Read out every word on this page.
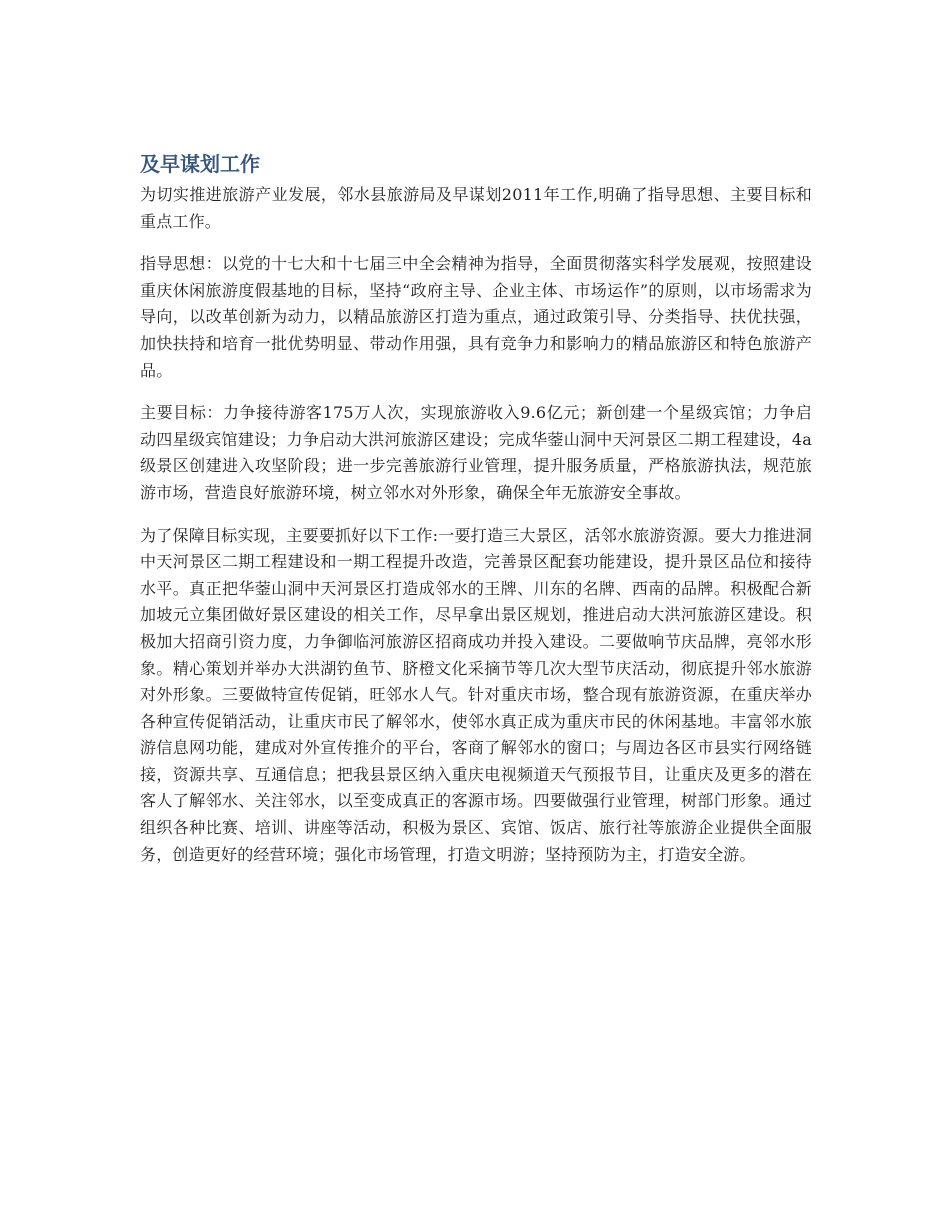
及早谋划工作

为切实推进旅游产业发展，邻水县旅游局及早谋划2011年工作,明确了指导思想、主要目标和重点工作。

指导思想：以党的十七大和十七届三中全会精神为指导，全面贯彻落实科学发展观，按照建设重庆休闲旅游度假基地的目标，坚持“政府主导、企业主体、市场运作”的原则，以市场需求为导向，以改革创新为动力，以精品旅游区打造为重点，通过政策引导、分类指导、扶优扶强，加快扶持和培育一批优势明显、带动作用强，具有竞争力和影响力的精品旅游区和特色旅游产品。

主要目标：力争接待游客175万人次，实现旅游收入9.6亿元；新创建一个星级宾馆；力争启动四星级宾馆建设；力争启动大洪河旅游区建设；完成华蓥山洞中天河景区二期工程建设，4a级景区创建进入攻坚阶段；进一步完善旅游行业管理，提升服务质量，严格旅游执法，规范旅游市场，营造良好旅游环境，树立邻水对外形象，确保全年无旅游安全事故。

为了保障目标实现，主要要抓好以下工作:一要打造三大景区，活邻水旅游资源。要大力推进洞中天河景区二期工程建设和一期工程提升改造，完善景区配套功能建设，提升景区品位和接待水平。真正把华蓥山洞中天河景区打造成邻水的王牌、川东的名牌、西南的品牌。积极配合新加坡元立集团做好景区建设的相关工作，尽早拿出景区规划，推进启动大洪河旅游区建设。积极加大招商引资力度，力争御临河旅游区招商成功并投入建设。二要做响节庆品牌，亮邻水形象。精心策划并举办大洪湖钓鱼节、脐橙文化采摘节等几次大型节庆活动，彻底提升邻水旅游对外形象。三要做特宣传促销，旺邻水人气。针对重庆市场，整合现有旅游资源，在重庆举办各种宣传促销活动，让重庆市民了解邻水，使邻水真正成为重庆市民的休闲基地。丰富邻水旅游信息网功能，建成对外宣传推介的平台，客商了解邻水的窗口；与周边各区市县实行网络链接，资源共享、互通信息；把我县景区纳入重庆电视频道天气预报节目，让重庆及更多的潜在客人了解邻水、关注邻水，以至变成真正的客源市场。四要做强行业管理，树部门形象。通过组织各种比赛、培训、讲座等活动，积极为景区、宾馆、饭店、旅行社等旅游企业提供全面服务，创造更好的经营环境；强化市场管理，打造文明游；坚持预防为主，打造安全游。
